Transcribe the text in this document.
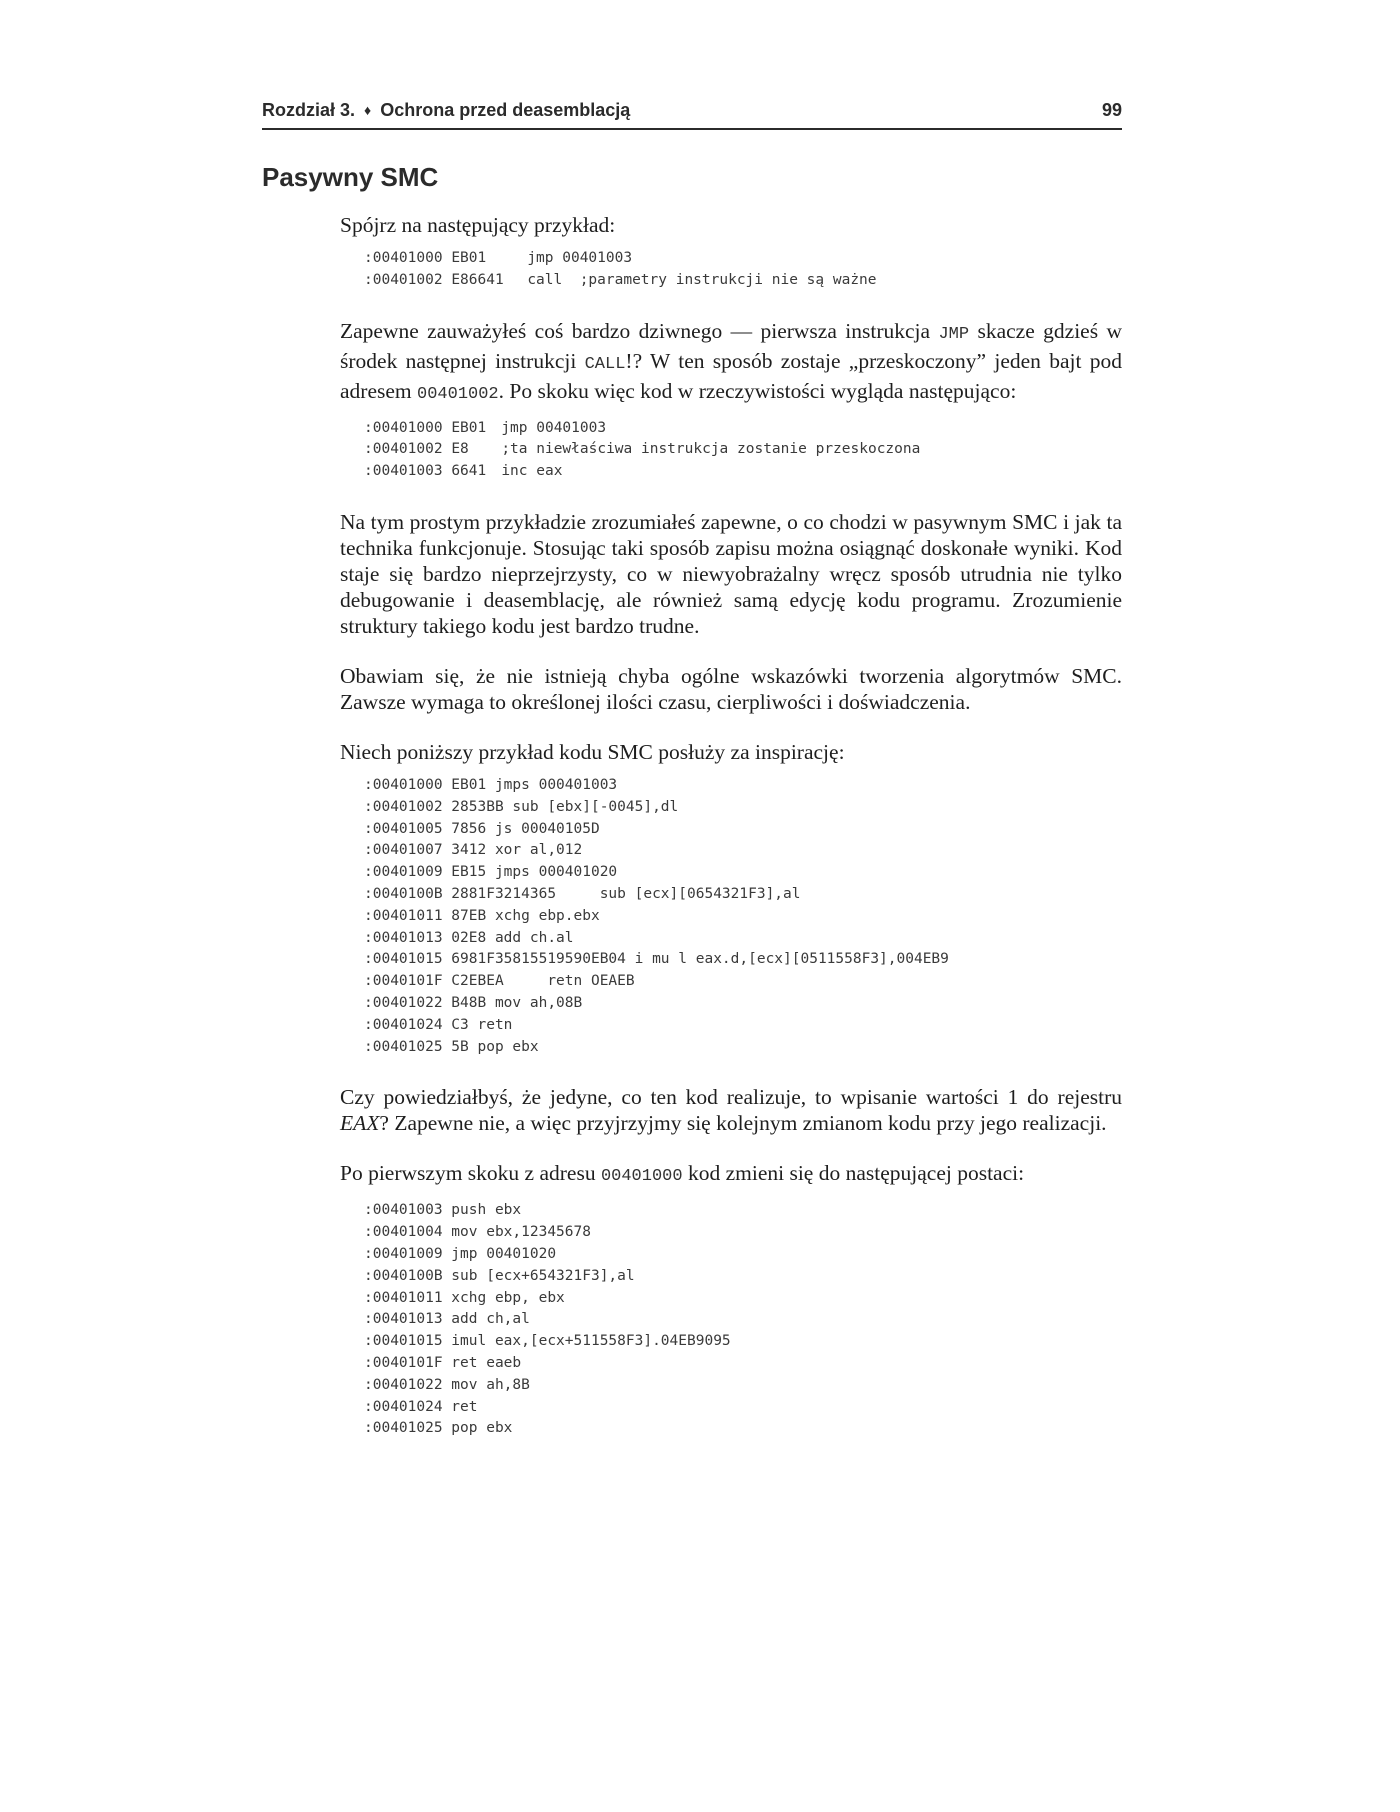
Rozdział 3. ♦ Ochrona przed deasemblacją	99
Pasywny SMC

Spójrz na następujący przykład:

:00401000 EB01	jmp 00401003
:00401002 E86641 call  ;parametry instrukcji nie są ważne

Zapewne zauważyłeś coś bardzo dziwnego — pierwsza instrukcja JMP skacze gdzieś w środek następnej instrukcji CALL!? W ten sposób zostaje „przeskoczony” jeden bajt pod adresem 00401002. Po skoku więc kod w rzeczywistości wygląda następująco:

:00401000 EB01 jmp 00401003
:00401002 E8 ;ta niewłaściwa instrukcja zostanie przeskoczona
:00401003 6641 inc eax

Na tym prostym przykładzie zrozumiałeś zapewne, o co chodzi w pasywnym SMC i jak ta technika funkcjonuje. Stosując taki sposób zapisu można osiągnąć doskonałe wyniki. Kod staje się bardzo nieprzejrzysty, co w niewyobrażalny wręcz sposób utrudnia nie tylko debugowanie i deasemblację, ale również samą edycję kodu programu. Zrozumienie struktury takiego kodu jest bardzo trudne.

Obawiam się, że nie istnieją chyba ogólne wskazówki tworzenia algorytmów SMC. Zawsze wymaga to określonej ilości czasu, cierpliwości i doświadczenia.

Niech poniższy przykład kodu SMC posłuży za inspirację:

:00401000 EB01 jmps 000401003
:00401002 2853BB sub [ebx][-0045],dl
:00401005 7856 js 00040105D
:00401007 3412 xor al,012
:00401009 EB15 jmps 000401020
:0040100B 2881F3214365     sub [ecx][0654321F3],al
:00401011 87EB xchg ebp.ebx
:00401013 02E8 add ch.al
:00401015 6981F35815519590EB04 i mu l eax.d,[ecx][0511558F3],004EB9
:0040101F C2EBEA     retn OEAEB
:00401022 B48B mov ah,08B
:00401024 C3 retn
:00401025 5B pop ebx

Czy powiedziałbyś, że jedyne, co ten kod realizuje, to wpisanie wartości 1 do rejestru EAX? Zapewne nie, a więc przyjrzyjmy się kolejnym zmianom kodu przy jego realizacji.

Po pierwszym skoku z adresu 00401000 kod zmieni się do następującej postaci:

:00401003 push ebx
:00401004 mov ebx,12345678
:00401009 jmp 00401020
:0040100B sub [ecx+654321F3],al
:00401011 xchg ebp, ebx
:00401013 add ch,al
:00401015 imul eax,[ecx+511558F3].04EB9095
:0040101F ret eaeb
:00401022 mov ah,8B
:00401024 ret
:00401025 pop ebx
